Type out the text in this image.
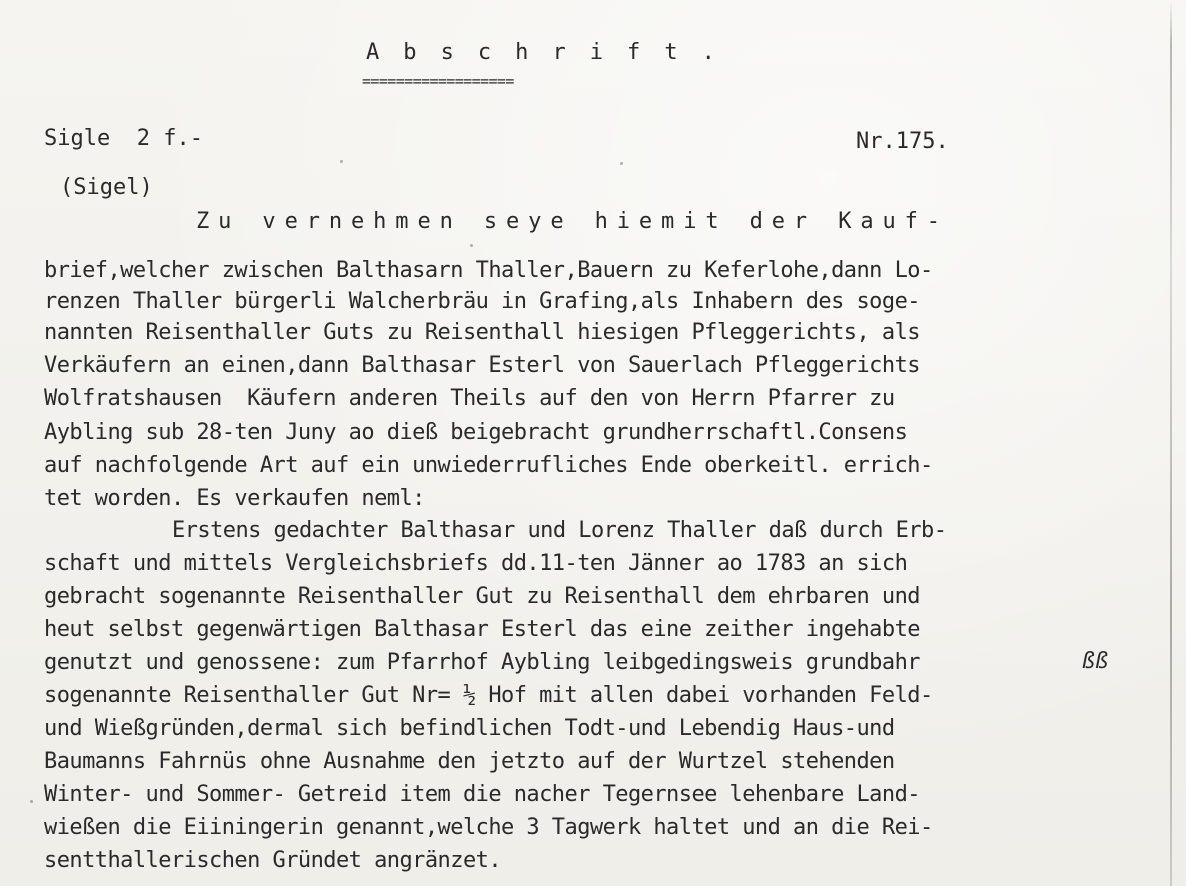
A b s c h r i f t .
==================
Sigle  2 f.-	Nr.175.
(Sigel)
Zu vernehmen seye hiemit der Kauf-
brief,welcher zwischen Balthasarn Thaller,Bauern zu Keferlohe,dann Lo-
renzen Thaller bürgerli Walcherbräu in Grafing,als Inhabern des soge-
nannten Reisenthaller Guts zu Reisenthall hiesigen Pfleggerichts, als
Verkäufern an einen,dann Balthasar Esterl von Sauerlach Pfleggerichts
Wolfratshausen  Käufern anderen Theils auf den von Herrn Pfarrer zu
Aybling sub 28-ten Juny ao dieß beigebracht grundherrschaftl.Consens
auf nachfolgende Art auf ein unwiederrufliches Ende oberkeitl. errich-
tet worden. Es verkaufen neml:
Erstens gedachter Balthasar und Lorenz Thaller daß durch Erb-
schaft und mittels Vergleichsbriefs dd.11-ten Jänner ao 1783 an sich
gebracht sogenannte Reisenthaller Gut zu Reisenthall dem ehrbaren und
heut selbst gegenwärtigen Balthasar Esterl das eine zeither ingehabte
genutzt und genossene: zum Pfarrhof Aybling leibgedingsweis grundbahr
sogenannte Reisenthaller Gut Nr= ½ Hof mit allen dabei vorhanden Feld-
und Wießgründen,dermal sich befindlichen Todt-und Lebendig Haus-und
Baumanns Fahrnüs ohne Ausnahme den jetzto auf der Wurtzel stehenden
Winter- und Sommer- Getreid item die nacher Tegernsee lehenbare Land-
wießen die Eiiningerin genannt,welche 3 Tagwerk haltet und an die Rei-
sentthallerischen Gründet angränzet.
ßß
